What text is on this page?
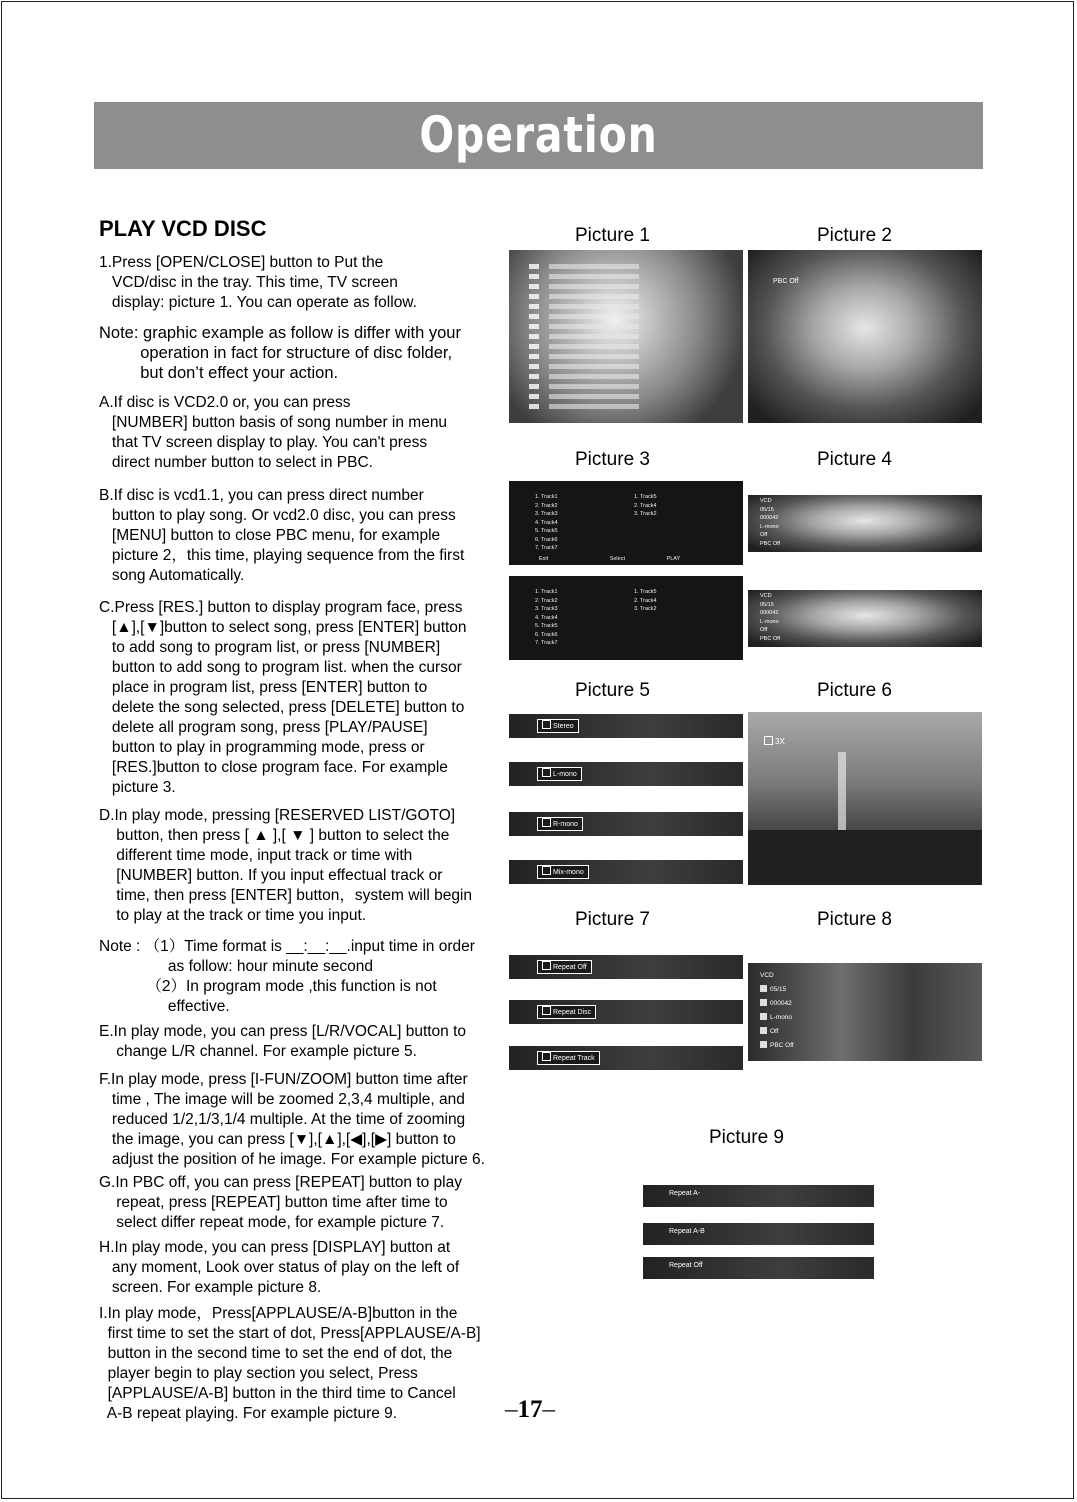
Operation
PLAY VCD DISC
1.Press [OPEN/CLOSE] button to Put the
VCD/disc in the tray. This time, TV screen
display: picture 1. You can operate as follow.
Note: graphic example as follow is differ with your
operation in fact for structure of disc folder,
but don’t effect your action.
A.If disc is VCD2.0 or, you can press
[NUMBER] button basis of song number in menu
that TV screen display to play. You can't press
direct number button to select in PBC.
B.If disc is vcd1.1, you can press direct number
button to play song. Or vcd2.0 disc, you can press
[MENU] button to close PBC menu, for example
picture 2，this time, playing sequence from the first
song Automatically.
C.Press [RES.] button to display program face, press
[▲],[▼]button to select song, press [ENTER] button
to add song to program list, or press [NUMBER]
button to add song to program list. when the cursor
place in program list, press [ENTER] button to
delete the song selected, press [DELETE] button to
delete all program song, press [PLAY/PAUSE]
button to play in programming mode, press or
[RES.]button to close program face. For example
picture 3.
D.In play mode, pressing [RESERVED LIST/GOTO]
button, then press [ ▲ ],[ ▼ ] button to select the
different time mode, input track or time with
[NUMBER] button. If you input effectual track or
time, then press [ENTER] button，system will begin
to play at the track or time you input.
Note : （1）Time format is __:__:__.input time in order
as follow: hour minute second
（2）In program mode ,this function is not
effective.
E.In play mode, you can press [L/R/VOCAL] button to
change L/R channel. For example picture 5.
F.In play mode, press [I-FUN/ZOOM] button time after
time , The image will be zoomed 2,3,4 multiple, and
reduced 1/2,1/3,1/4 multiple. At the time of zooming
the image, you can press [▼],[▲],[◀],[▶] button to
adjust the position of he image. For example picture 6.
G.In PBC off, you can press [REPEAT] button to play
repeat, press [REPEAT] button time after time to
select differ repeat mode, for example picture 7.
H.In play mode, you can press [DISPLAY] button at
any moment, Look over status of play on the left of
screen. For example picture 8.
I.In play mode，Press[APPLAUSE/A-B]button in the
first time to set the start of dot, Press[APPLAUSE/A-B]
button in the second time to set the end of dot, the
player begin to play section you select, Press
[APPLAUSE/A-B] button in the third time to Cancel
A-B repeat playing. For example picture 9.
Picture 1	Picture 2
Picture 3	Picture 4
Picture 5	Picture 6
Picture 7	Picture 8
Picture 9
PBC Off
1. Track1
2. Track2
3. Track3
4. Track4
5. Track5
6. Track6
7. Track7
1. Track5
2. Track4
3. Track2
Exit	Select	PLAY
1. Track1
2. Track2
3. Track3
4. Track4
5. Track5
6. Track6
7. Track7
1. Track5
2. Track4
3. Track2
VCD
05/15
000042
L-mono
Off
PBC Off
VCD
05/15
000042
L-mono
Off
PBC Off
Stereo
L-mono
R-mono
Mix-mono
3X
Repeat Off
Repeat Disc
Repeat Track
VCD
05/15
000042
L-mono
Off
PBC Off
Repeat A-
Repeat A-B
Repeat Off
–17–
